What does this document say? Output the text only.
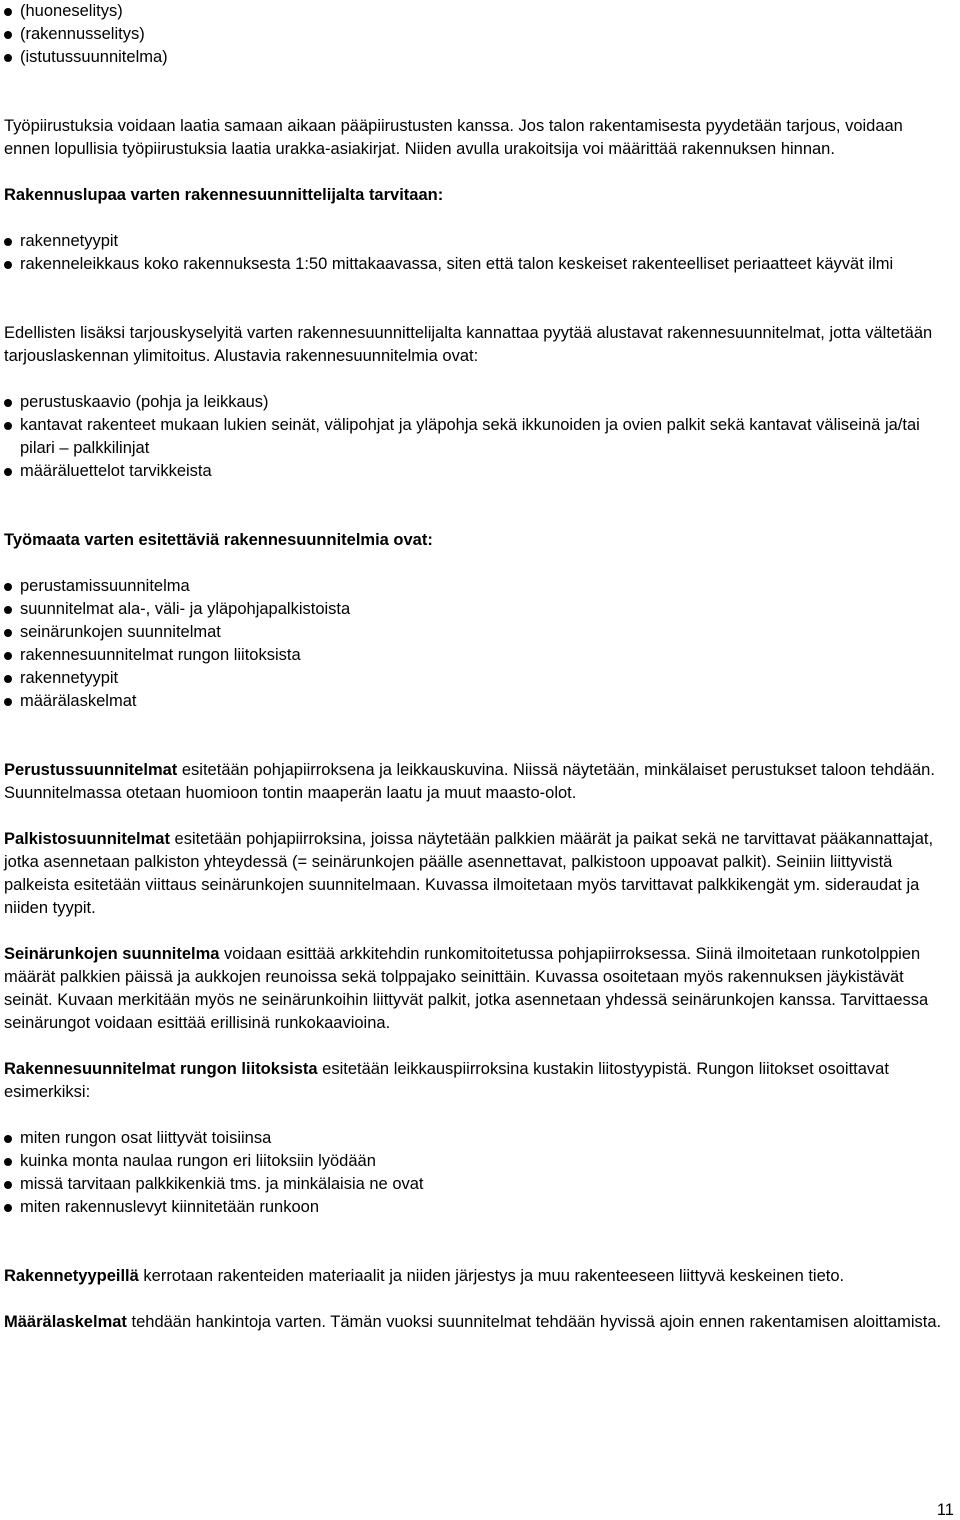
(huoneselitys)
(rakennusselitys)
(istutussuunnitelma)

Työpiirustuksia voidaan laatia samaan aikaan pääpiirustusten kanssa. Jos talon rakentamisesta pyydetään tarjous, voidaan ennen lopullisia työpiirustuksia laatia urakka-asiakirjat. Niiden avulla urakoitsija voi määrittää rakennuksen hinnan.

Rakennuslupaa varten rakennesuunnittelijalta tarvitaan:

rakennetyypit
rakenneleikkaus koko rakennuksesta 1:50 mittakaavassa, siten että talon keskeiset rakenteelliset periaatteet käyvät ilmi

Edellisten lisäksi tarjouskyselyitä varten rakennesuunnittelijalta kannattaa pyytää alustavat rakennesuunnitelmat, jotta vältetään tarjouslaskennan ylimitoitus. Alustavia rakennesuunnitelmia ovat:

perustuskaavio (pohja ja leikkaus)
kantavat rakenteet mukaan lukien seinät, välipohjat ja yläpohja sekä ikkunoiden ja ovien palkit sekä kantavat väliseinä ja/tai pilari – palkkilinjat
määräluettelot tarvikkeista

Työmaata varten esitettäviä rakennesuunnitelmia ovat:

perustamissuunnitelma
suunnitelmat ala-, väli- ja yläpohjapalkistoista
seinärunkojen suunnitelmat
rakennesuunnitelmat rungon liitoksista
rakennetyypit
määrälaskelmat

Perustussuunnitelmat esitetään pohjapiirroksena ja leikkauskuvina. Niissä näytetään, minkälaiset perustukset taloon tehdään. Suunnitelmassa otetaan huomioon tontin maaperän laatu ja muut maasto-olot.

Palkistosuunnitelmat esitetään pohjapiirroksina, joissa näytetään palkkien määrät ja paikat sekä ne tarvittavat pääkannattajat, jotka asennetaan palkiston yhteydessä (= seinärunkojen päälle asennettavat, palkistoon uppoavat palkit). Seiniin liittyvistä palkeista esitetään viittaus seinärunkojen suunnitelmaan. Kuvassa ilmoitetaan myös tarvittavat palkkikengät ym. sideraudat ja niiden tyypit.

Seinärunkojen suunnitelma voidaan esittää arkkitehdin runkomitoitetussa pohjapiirroksessa. Siinä ilmoitetaan runkotolppien määrät palkkien päissä ja aukkojen reunoissa sekä tolppajako seinittäin. Kuvassa osoitetaan myös rakennuksen jäykistävät seinät. Kuvaan merkitään myös ne seinärunkoihin liittyvät palkit, jotka asennetaan yhdessä seinärunkojen kanssa. Tarvittaessa seinärungot voidaan esittää erillisinä runkokaavioina.

Rakennesuunnitelmat rungon liitoksista esitetään leikkauspiirroksina kustakin liitostyypistä. Rungon liitokset osoittavat esimerkiksi:

miten rungon osat liittyvät toisiinsa
kuinka monta naulaa rungon eri liitoksiin lyödään
missä tarvitaan palkkikenkiä tms. ja minkälaisia ne ovat
miten rakennuslevyt kiinnitetään runkoon

Rakennetyypeillä kerrotaan rakenteiden materiaalit ja niiden järjestys ja muu rakenteeseen liittyvä keskeinen tieto.

Määrälaskelmat tehdään hankintoja varten. Tämän vuoksi suunnitelmat tehdään hyvissä ajoin ennen rakentamisen aloittamista.

11
